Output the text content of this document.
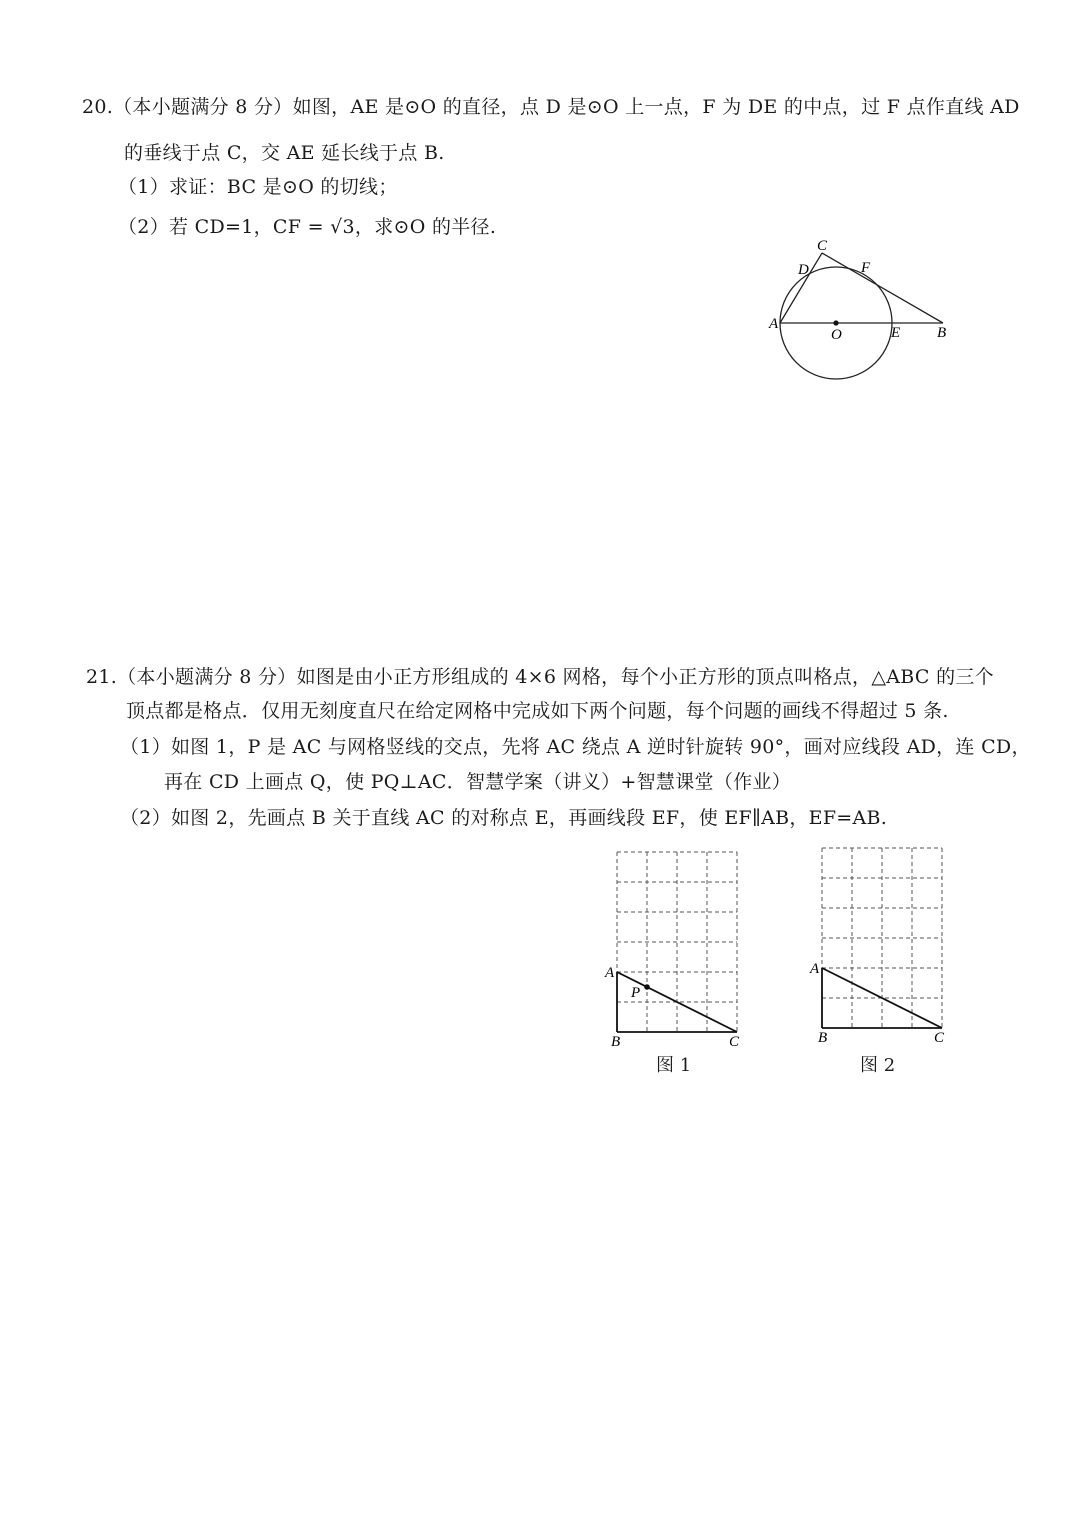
20.（本小题满分 8 分）如图，AE 是⊙O 的直径，点 D 是⊙O 上一点，F 为 DE 的中点，过 F 点作直线 AD
的垂线于点 C，交 AE 延长线于点 B.
（1）求证：BC 是⊙O 的切线；
（2）若 CD=1，CF = √3，求⊙O 的半径.
C
D	F
A
O	E B
21.（本小题满分 8 分）如图是由小正方形组成的 4×6 网格，每个小正方形的顶点叫格点，△ABC 的三个
顶点都是格点．仅用无刻度直尺在给定网格中完成如下两个问题，每个问题的画线不得超过 5 条.
（1）如图 1，P 是 AC 与网格竖线的交点，先将 AC 绕点 A 逆时针旋转 90°，画对应线段 AD，连 CD，
再在 CD 上画点 Q，使 PQ⊥AC．智慧学案（讲义）+智慧课堂（作业）
（2）如图 2，先画点 B 关于直线 AC 的对称点 E，再画线段 EF，使 EF∥AB，EF=AB.
A
P
B	C
图 1
A
B	C
图 2
